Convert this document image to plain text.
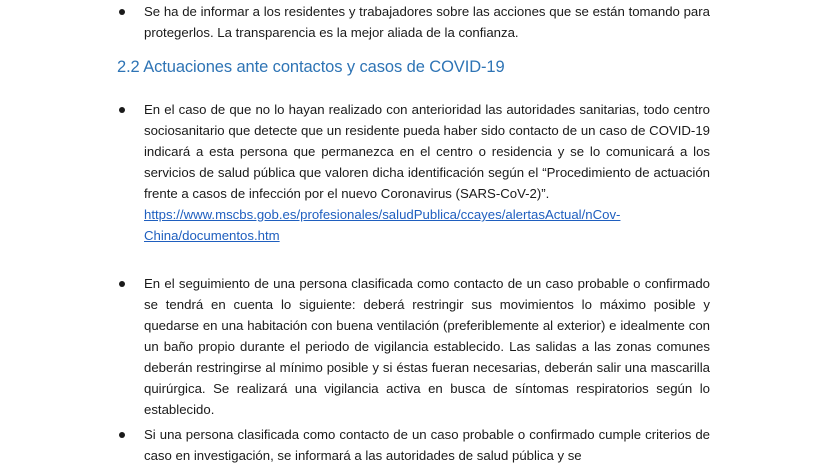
Se ha de informar a los residentes y trabajadores sobre las acciones que se están tomando para protegerlos. La transparencia es la mejor aliada de la confianza.
2.2 Actuaciones ante contactos y casos de COVID-19
En el caso de que no lo hayan realizado con anterioridad las autoridades sanitarias, todo centro sociosanitario que detecte que un residente pueda haber sido contacto de un caso de COVID-19 indicará a esta persona que permanezca en el centro o residencia y se lo comunicará a los servicios de salud pública que valoren dicha identificación según el “Procedimiento de actuación frente a casos de infección por el nuevo Coronavirus (SARS-CoV-2)”.
https://www.mscbs.gob.es/profesionales/saludPublica/ccayes/alertasActual/nCov-China/documentos.htm
En el seguimiento de una persona clasificada como contacto de un caso probable o confirmado se tendrá en cuenta lo siguiente: deberá restringir sus movimientos lo máximo posible y quedarse en una habitación con buena ventilación (preferiblemente al exterior) e idealmente con un baño propio durante el periodo de vigilancia establecido. Las salidas a las zonas comunes deberán restringirse al mínimo posible y si éstas fueran necesarias, deberán salir una mascarilla quirúrgica. Se realizará una vigilancia activa en busca de síntomas respiratorios según lo establecido.
Si una persona clasificada como contacto de un caso probable o confirmado cumple criterios de caso en investigación, se informará a las autoridades de salud pública y se
